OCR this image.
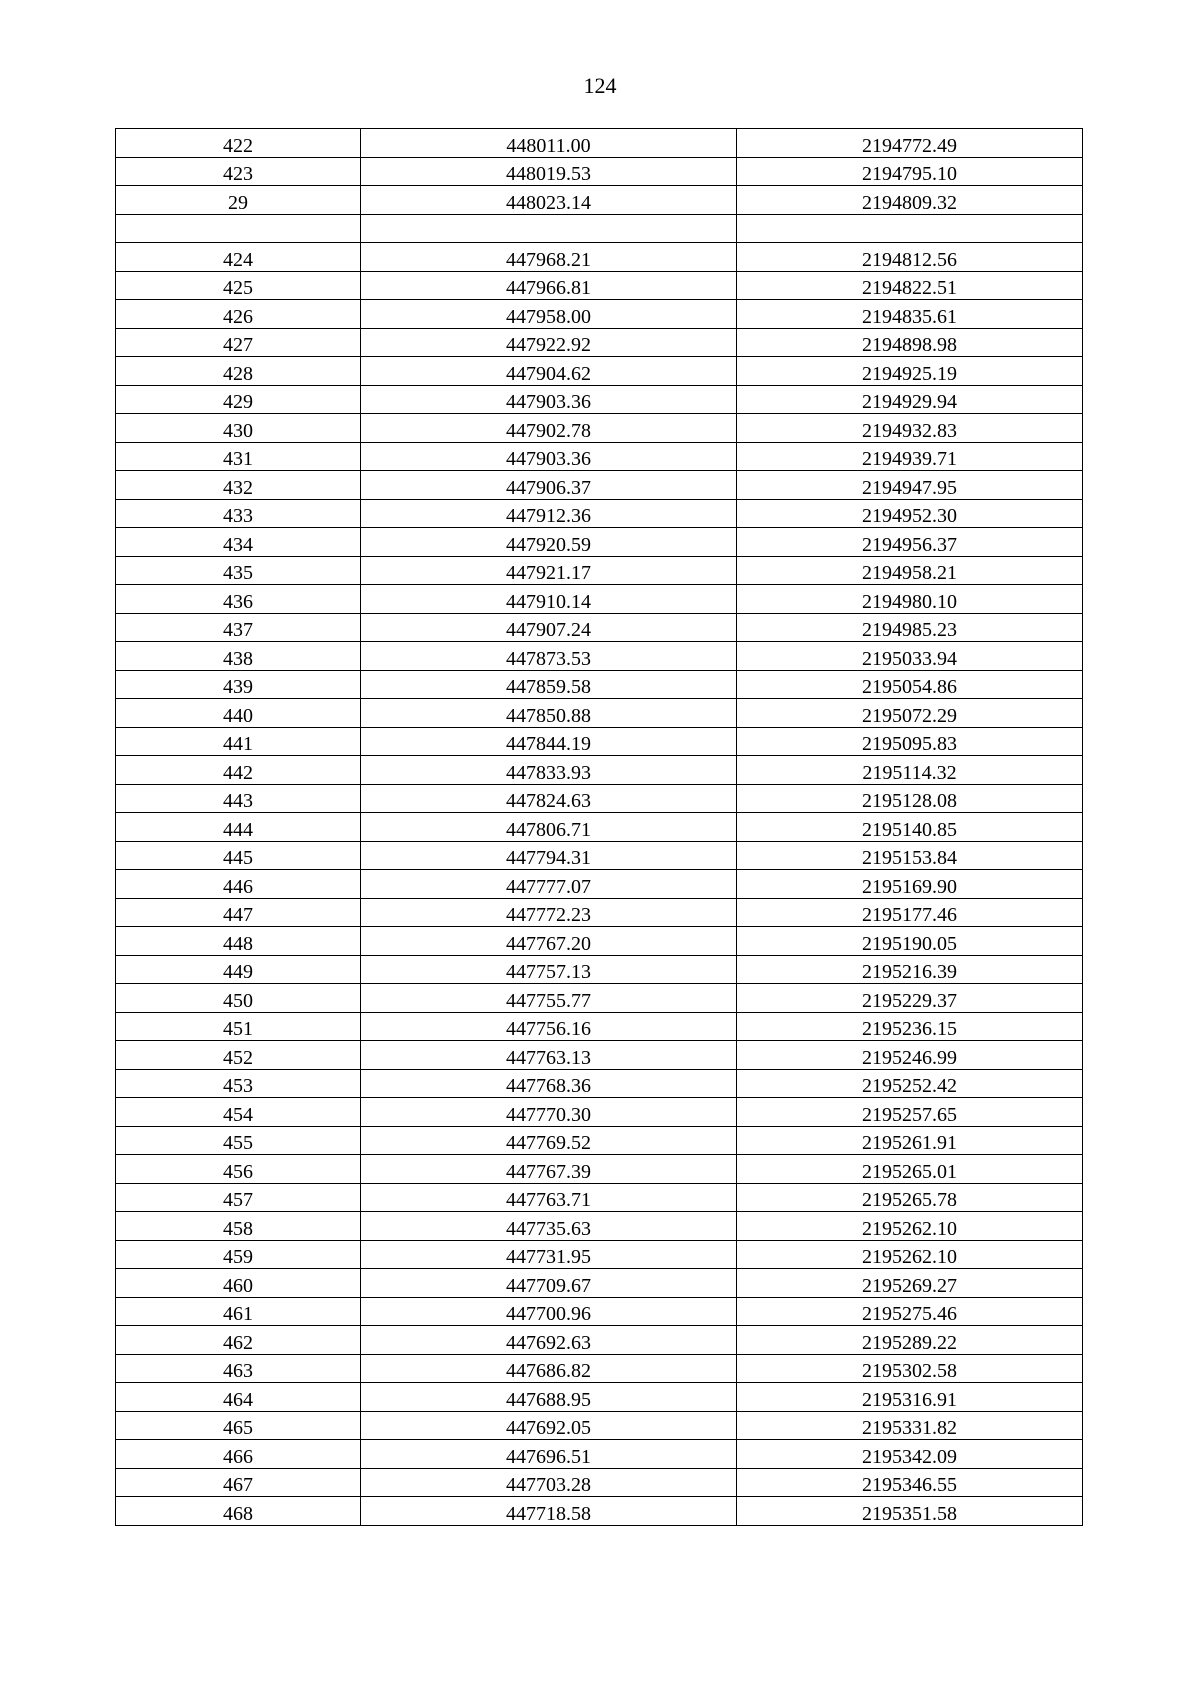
124
422	448011.00	2194772.49
423	448019.53	2194795.10
29	448023.14	2194809.32

424	447968.21	2194812.56
425	447966.81	2194822.51
426	447958.00	2194835.61
427	447922.92	2194898.98
428	447904.62	2194925.19
429	447903.36	2194929.94
430	447902.78	2194932.83
431	447903.36	2194939.71
432	447906.37	2194947.95
433	447912.36	2194952.30
434	447920.59	2194956.37
435	447921.17	2194958.21
436	447910.14	2194980.10
437	447907.24	2194985.23
438	447873.53	2195033.94
439	447859.58	2195054.86
440	447850.88	2195072.29
441	447844.19	2195095.83
442	447833.93	2195114.32
443	447824.63	2195128.08
444	447806.71	2195140.85
445	447794.31	2195153.84
446	447777.07	2195169.90
447	447772.23	2195177.46
448	447767.20	2195190.05
449	447757.13	2195216.39
450	447755.77	2195229.37
451	447756.16	2195236.15
452	447763.13	2195246.99
453	447768.36	2195252.42
454	447770.30	2195257.65
455	447769.52	2195261.91
456	447767.39	2195265.01
457	447763.71	2195265.78
458	447735.63	2195262.10
459	447731.95	2195262.10
460	447709.67	2195269.27
461	447700.96	2195275.46
462	447692.63	2195289.22
463	447686.82	2195302.58
464	447688.95	2195316.91
465	447692.05	2195331.82
466	447696.51	2195342.09
467	447703.28	2195346.55
468	447718.58	2195351.58
